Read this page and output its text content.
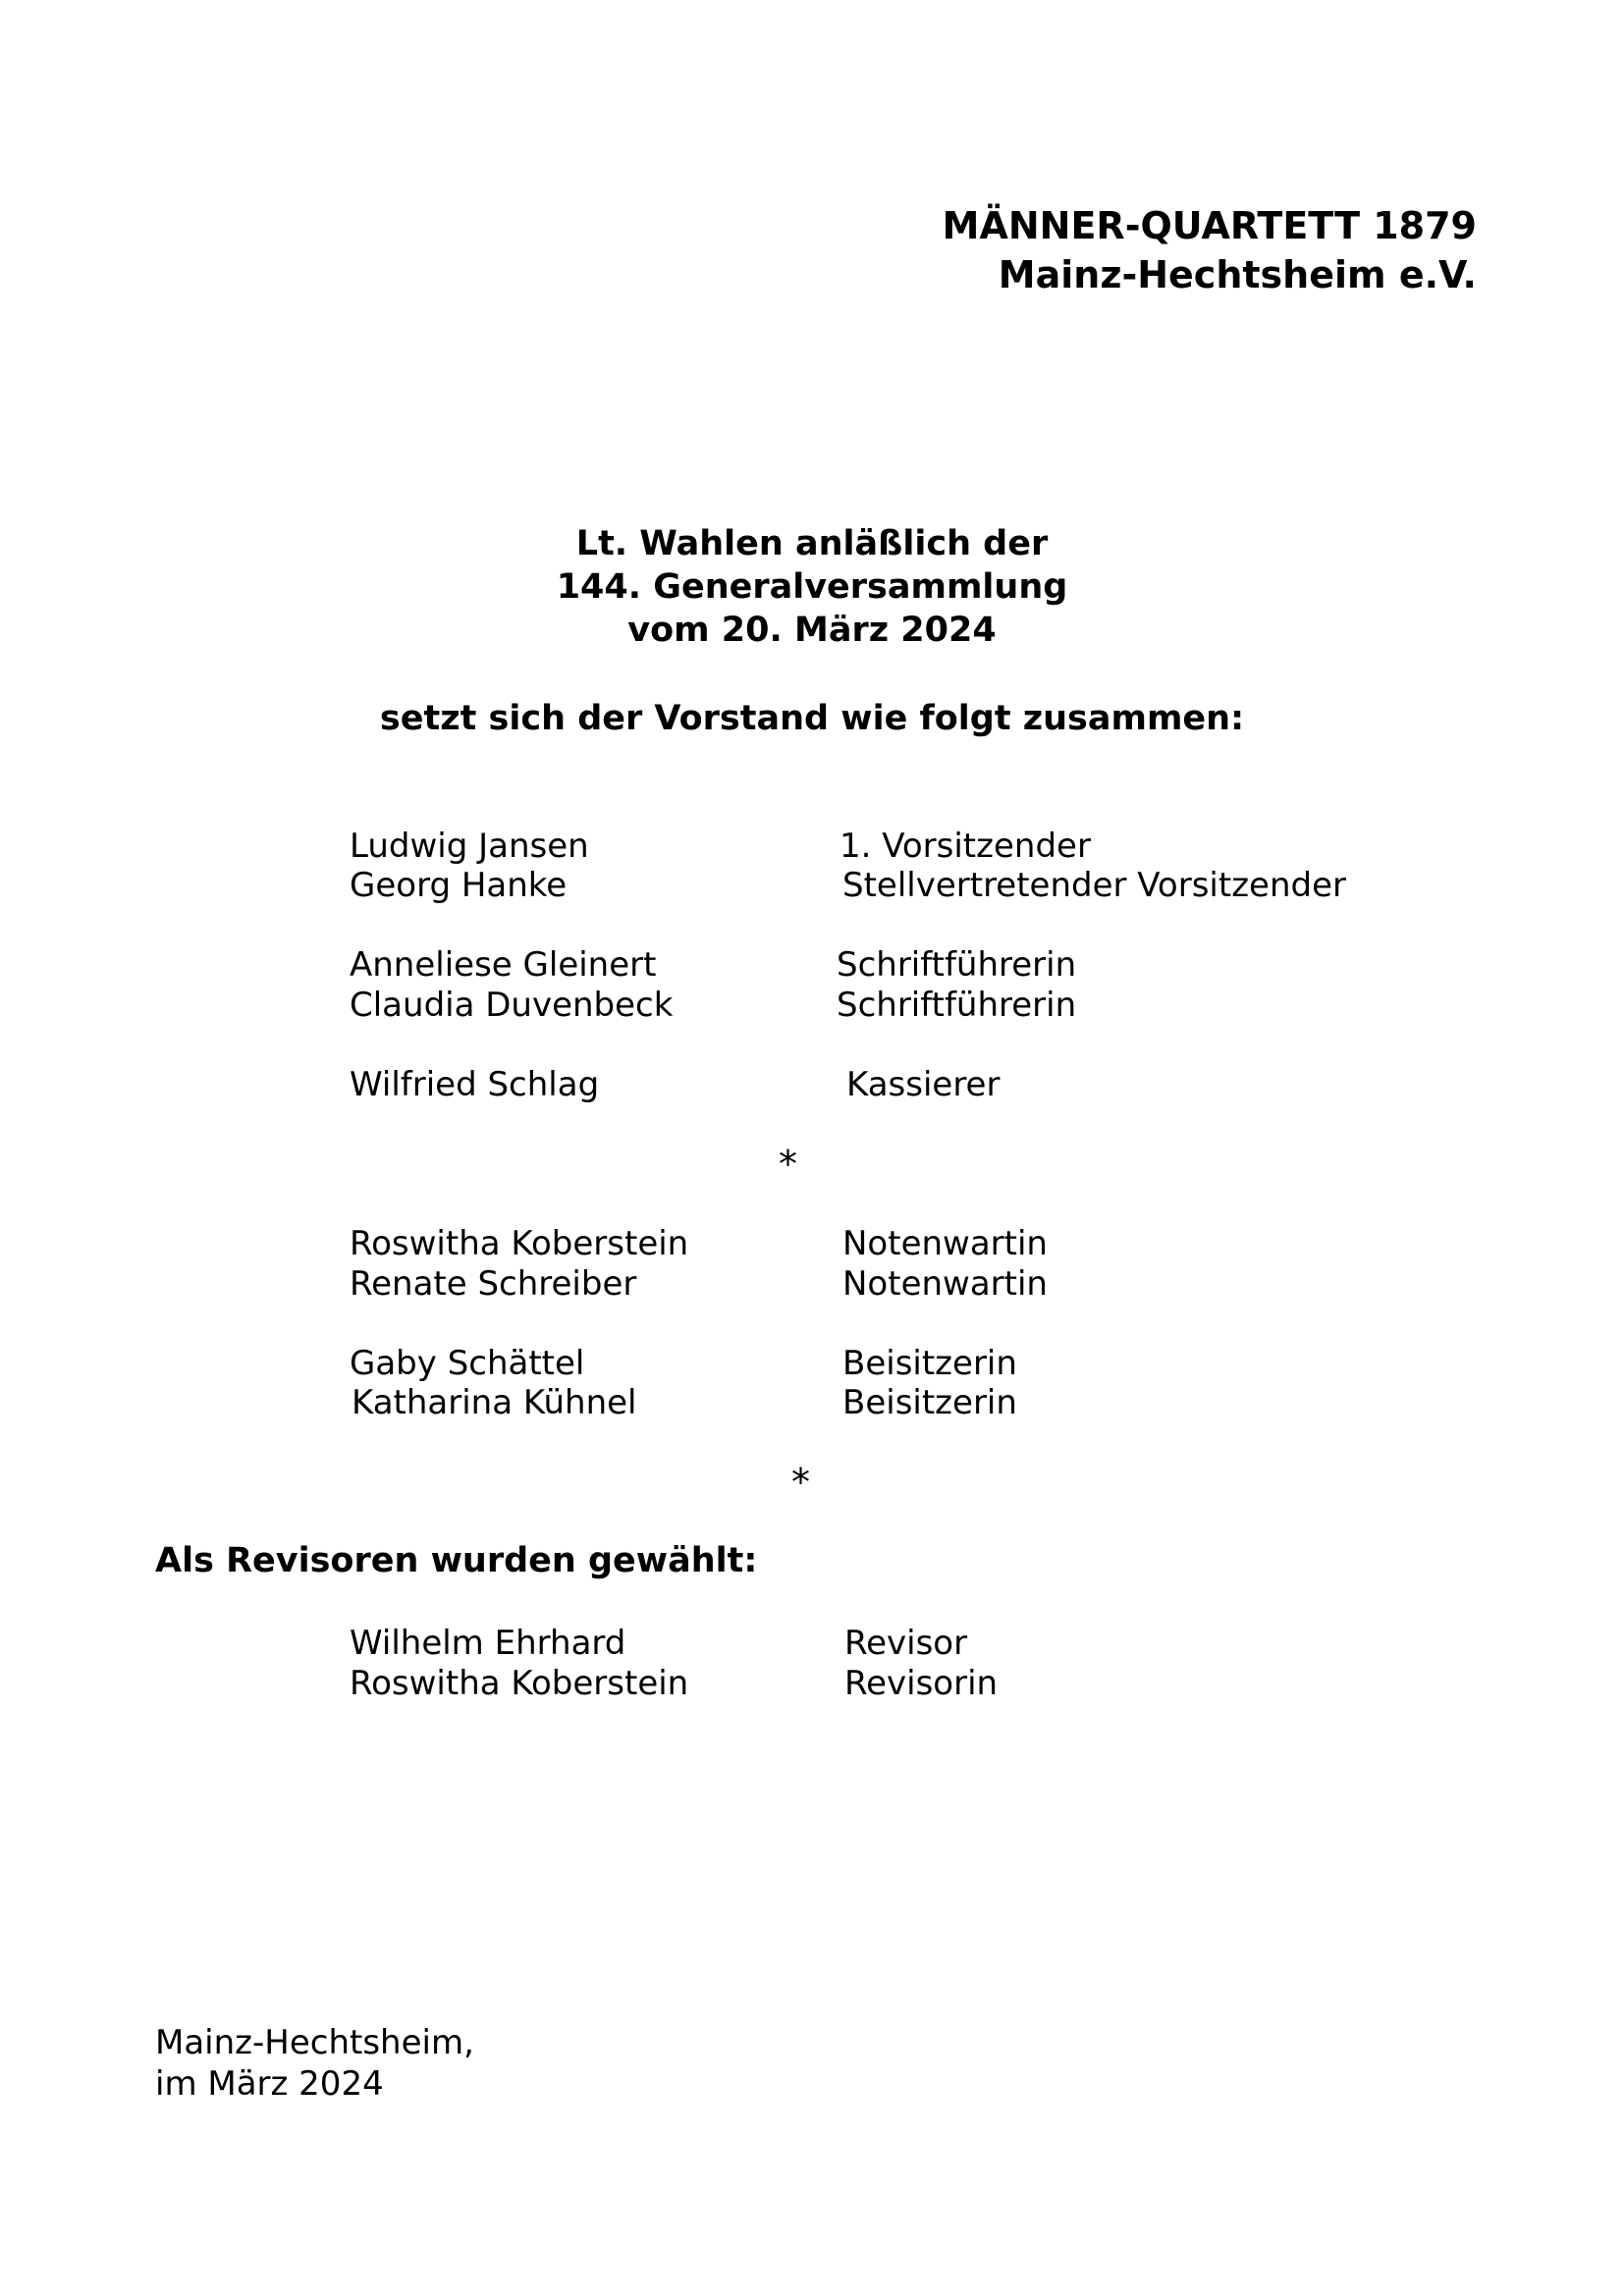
MÄNNER-QUARTETT 1879
Mainz-Hechtsheim e.V.
Lt. Wahlen anläßlich der
144. Generalversammlung
vom 20. März 2024
setzt sich der Vorstand wie folgt zusammen:
Ludwig Jansen	1. Vorsitzender
Georg Hanke	Stellvertretender Vorsitzender
Anneliese Gleinert	Schriftführerin
Claudia Duvenbeck	Schriftführerin
Wilfried Schlag	Kassierer
*
Roswitha Koberstein	Notenwartin
Renate Schreiber	Notenwartin
Gaby Schättel	Beisitzerin
Katharina Kühnel	Beisitzerin
*
Als Revisoren wurden gewählt:
Wilhelm Ehrhard	Revisor
Roswitha Koberstein	Revisorin
Mainz-Hechtsheim,
im März 2024
